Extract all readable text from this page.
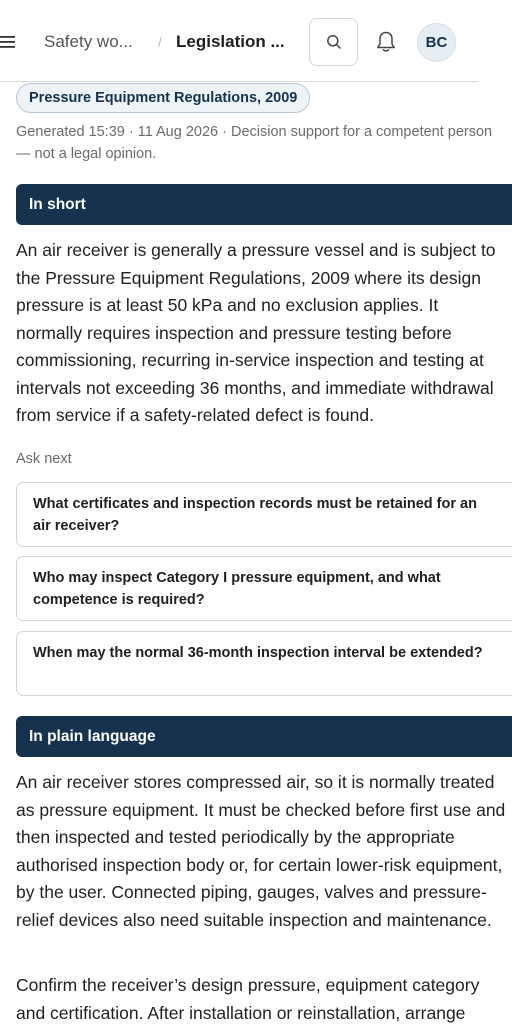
Safety wo... / Legislation ...	BC
Pressure Equipment Regulations, 2009
Generated 15:39 · 11 Aug 2026 · Decision support for a competent person — not a legal opinion.
In short
An air receiver is generally a pressure vessel and is subject to the Pressure Equipment Regulations, 2009 where its design pressure is at least 50 kPa and no exclusion applies. It normally requires inspection and pressure testing before commissioning, recurring in-service inspection and testing at intervals not exceeding 36 months, and immediate withdrawal from service if a safety-related defect is found.
Ask next
What certificates and inspection records must be retained for an air receiver?
Who may inspect Category I pressure equipment, and what competence is required?
When may the normal 36-month inspection interval be extended?
In plain language
An air receiver stores compressed air, so it is normally treated as pressure equipment. It must be checked before first use and then inspected and tested periodically by the appropriate authorised inspection body or, for certain lower-risk equipment, by the user. Connected piping, gauges, valves and pressure-relief devices also need suitable inspection and maintenance.
Confirm the receiver’s design pressure, equipment category and certification. After installation or reinstallation, arrange
